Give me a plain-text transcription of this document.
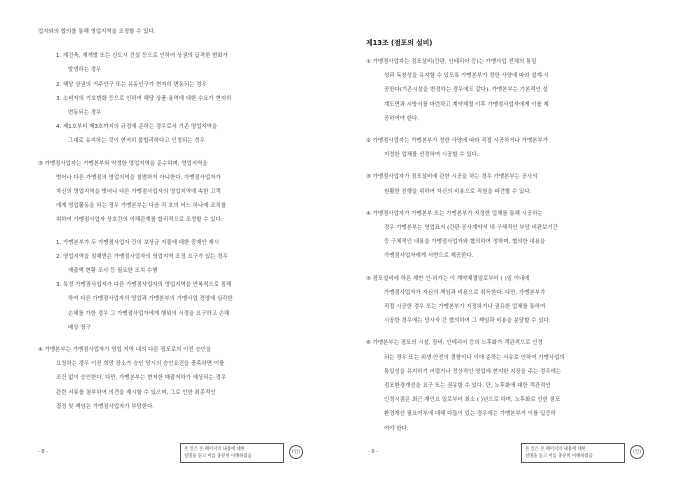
업자와의 합의를 통해 영업지역을 조정할 수 있다.
1. 재건축, 재개발 또는 신도시 건설 등으로 인하여 상권의 급격한 변화가
발생하는 경우
2. 해당 상권의 거주인구 또는 유동인구가 현저히 변동되는 경우
3. 소비자의 기호변화 등으로 인하여 해당 상품·용역에 대한 수요가 현저히
변동되는 경우
4. 제1호부터 제3호까지의 규정에 준하는 경우로서 기존 영업지역을
그대로 유지하는 것이 현저히 불합리하다고 인정되는 경우
③ 가맹점사업자는 가맹본부와 약정한 영업지역을 준수하며, 영업지역을
벗어나 다른 가맹점의 영업지역을 침범하지 아니한다. 가맹점사업자가
자신의 영업지역을 벗어나 다른 가맹점사업자의 영업지역에 속한 고객
에게 영업활동을 하는 경우 가맹본부는 다음 각 호의 어느 하나에 조치를
취하여 가맹점사업자 상호간의 이해관계를 합리적으로 조정할 수 있다.
1. 가맹본부가 두 가맹점사업자 간의 보상금 지불에 대한 중재안 제시
2. 영업지역을 침해받은 가맹점사업자의 영업지역 조정 요구가 있는 경우
재출액 현황 조사 등 필요한 조치 수행
3. 특정 가맹점사업자가 다른 가맹점사업자의 영업지역을 반복적으로 침해
하여 다른 가맹점사업자의 영업과 가맹본부의 가맹사업 경영에 심각한
손해를 가한 경우 그 가맹점사업자에게 행위의 시정을 요구하고 손해
배상 청구
④ 가맹본부는 가맹점사업자가 영업 지역 내의 다른 점포로의 이전 승인을
요청하는 경우 이전 희망 장소가 승인 당시의 승인요건을 충족하면 이를
조건 없이 승인한다. 다만, 가맹본부는 현저한 매출저하가 예상되는 경우
관련 서류를 첨부하여 의견을 제시할 수 있으며, 그로 인한 최종적인
결정 및 책임은 가맹점사업자가 부담한다.
- 8 -	본 인은 본 페이지의 내용에 대한
설명을 듣고 이를 충분히 이해하였음
(인)
제13조 (점포의 설비)
① 가맹점사업자는 점포설비(간판, 인테리어 등)는 가맹사업 전체의 통일
성과 독창성을 유지할 수 있도록 가맹본부가 정한 사양에 따라 설계·시
공한다(기존시설을 변경하는 경우에도 같다). 가맹본부는 기본적인 설
계도면과 시방서를 마련하고 계약체결 이후 가맹점사업자에게 이를 제
공하여야 한다.
② 가맹점사업자는 가맹본부가 정한 사양에 따라 직접 시공하거나 가맹본부가
지정한 업체를 선정하여 시공할 수 있다.
③ 가맹점사업자가 점포설비에 관한 시공을 하는 경우 가맹본부는 공사의
원활한 진행을 위하여 자신의 비용으로 직원을 파견할 수 있다.
④ 가맹점사업자가 가맹본부 또는 가맹본부가 지정한 업체를 통해 시공하는
경우 가맹본부는 영업표지 (간판·공사계약서 내 구체적인 부당·비판보기간
등 구체적인 내용을 가맹점사업자와 협의하여 정하며, 협의한 내용을
가맹점사업자에게 서면으로 제공한다.
⑤ 점포설비에 하른 제반 인·허가는 이 계약체결일로부터 ( )일 이내에
가맹점사업자가 자신의 책임과 비용으로 취득한다. 다만, 가맹본부가
직접 시공한 경우 또는 가맹본부가 지정하거나 권유한 업체를 통하여
시공한 경우에는 당사자 간 협의하여 그 책임과 비용을 분담할 수 있다.
⑥ 가맹본부는 점포의 시설, 장비, 인테리어 등의 노후화가 객관적으로 인정
되는 경우 또는 위생·안전의 결함이나 이에 준하는 사유로 인하여 가맹사업의
통일성을 유지하기 어렵거나 정상적인 영업에 현저한 지장을 주는 경우에는
점포환경개선을 요구 또는 권유할 수 있다. 단, 노후화에 대한 객관적인
인정시점은 최근 재인요 일로부터 최소 ( )년으로 하며, 노후화로 인한 점포
환경개선 필요여부에 대해 다툼이 있는 경우에는 가맹본부가 이를 입증하
여야 한다.
- 9 -	본 인은 본 페이지의 내용에 대한
설명을 듣고 이를 충분히 이해하였음
(인)
